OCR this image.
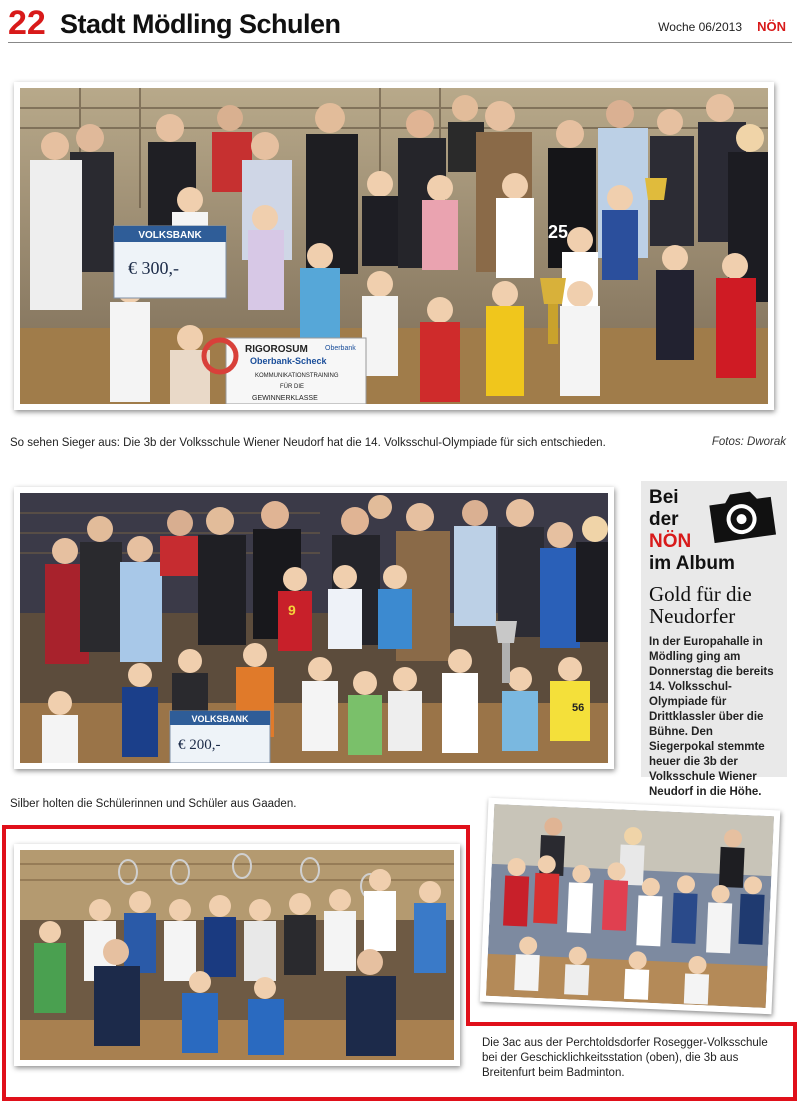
22 Stadt Mödling Schulen	Woche 06/2013 NÖN
VOLKSBANK
€ 300,-
RIGOROSUM Oberbank
Oberbank-Scheck
KOMMUNIKATIONSTRAINING
FÜR DIE
GEWINNERKLASSE
25
So sehen Sieger aus: Die 3b der Volksschule Wiener Neudorf hat die 14. Volksschul-Olympiade für sich entschieden.	Fotos: Dworak
VOLKSBANK
€ 200,-
9
56
Silber holten die Schülerinnen und Schüler aus Gaaden.
Bei
der
NÖN
im Album
Gold für die Neudorfer
In der Europahalle in Mödling ging am Donnerstag die bereits 14. Volksschul-Olympiade für Drittklassler über die Bühne. Den Siegerpokal stemmte heuer die 3b der Volksschule Wiener Neudorf in die Höhe.
Die 3ac aus der Perchtoldsdorfer Rosegger-Volksschule bei der Geschicklichkeitsstation (oben), die 3b aus Breitenfurt beim Badminton.
